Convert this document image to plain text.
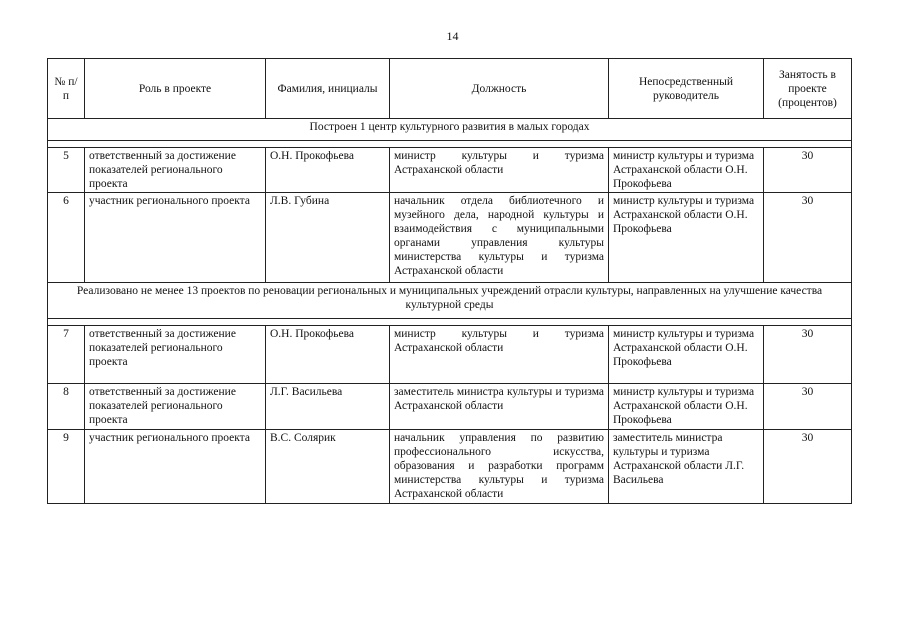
14
№ п/п	Роль в проекте	Фамилия, инициалы	Должность	Непосредственный руководитель	Занятость в проекте (процентов)
Построен 1 центр культурного развития в малых городах					

5	ответственный за достижение показателей регионального проекта	О.Н. Прокофьева	министр культуры и туризма Астраханской области	министр культуры и туризма Астраханской области О.Н. Прокофьева	30
6	участник регионального проекта	Л.В. Губина	начальник отдела библиотечного и музейного дела, народной культуры и взаимодействия с муниципальными органами управления культуры министерства культуры и туризма Астраханской области	министр культуры и туризма Астраханской области О.Н. Прокофьева	30
Реализовано не менее 13 проектов по реновации региональных и муниципальных учреждений отрасли культуры, направленных на улучшение качества культурной среды					

7	ответственный за достижение показателей регионального проекта	О.Н. Прокофьева	министр культуры и туризма Астраханской области	министр культуры и туризма Астраханской области О.Н. Прокофьева	30
8	ответственный за достижение показателей регионального проекта	Л.Г. Васильева	заместитель министра культуры и туризма Астраханской области	министр культуры и туризма Астраханской области О.Н. Прокофьева	30
9	участник регионального проекта	В.С. Солярик	начальник управления по развитию профессионального искусства, образования и разработки программ министерства культуры и туризма Астраханской области	заместитель министра культуры и туризма Астраханской области Л.Г. Васильева	30
